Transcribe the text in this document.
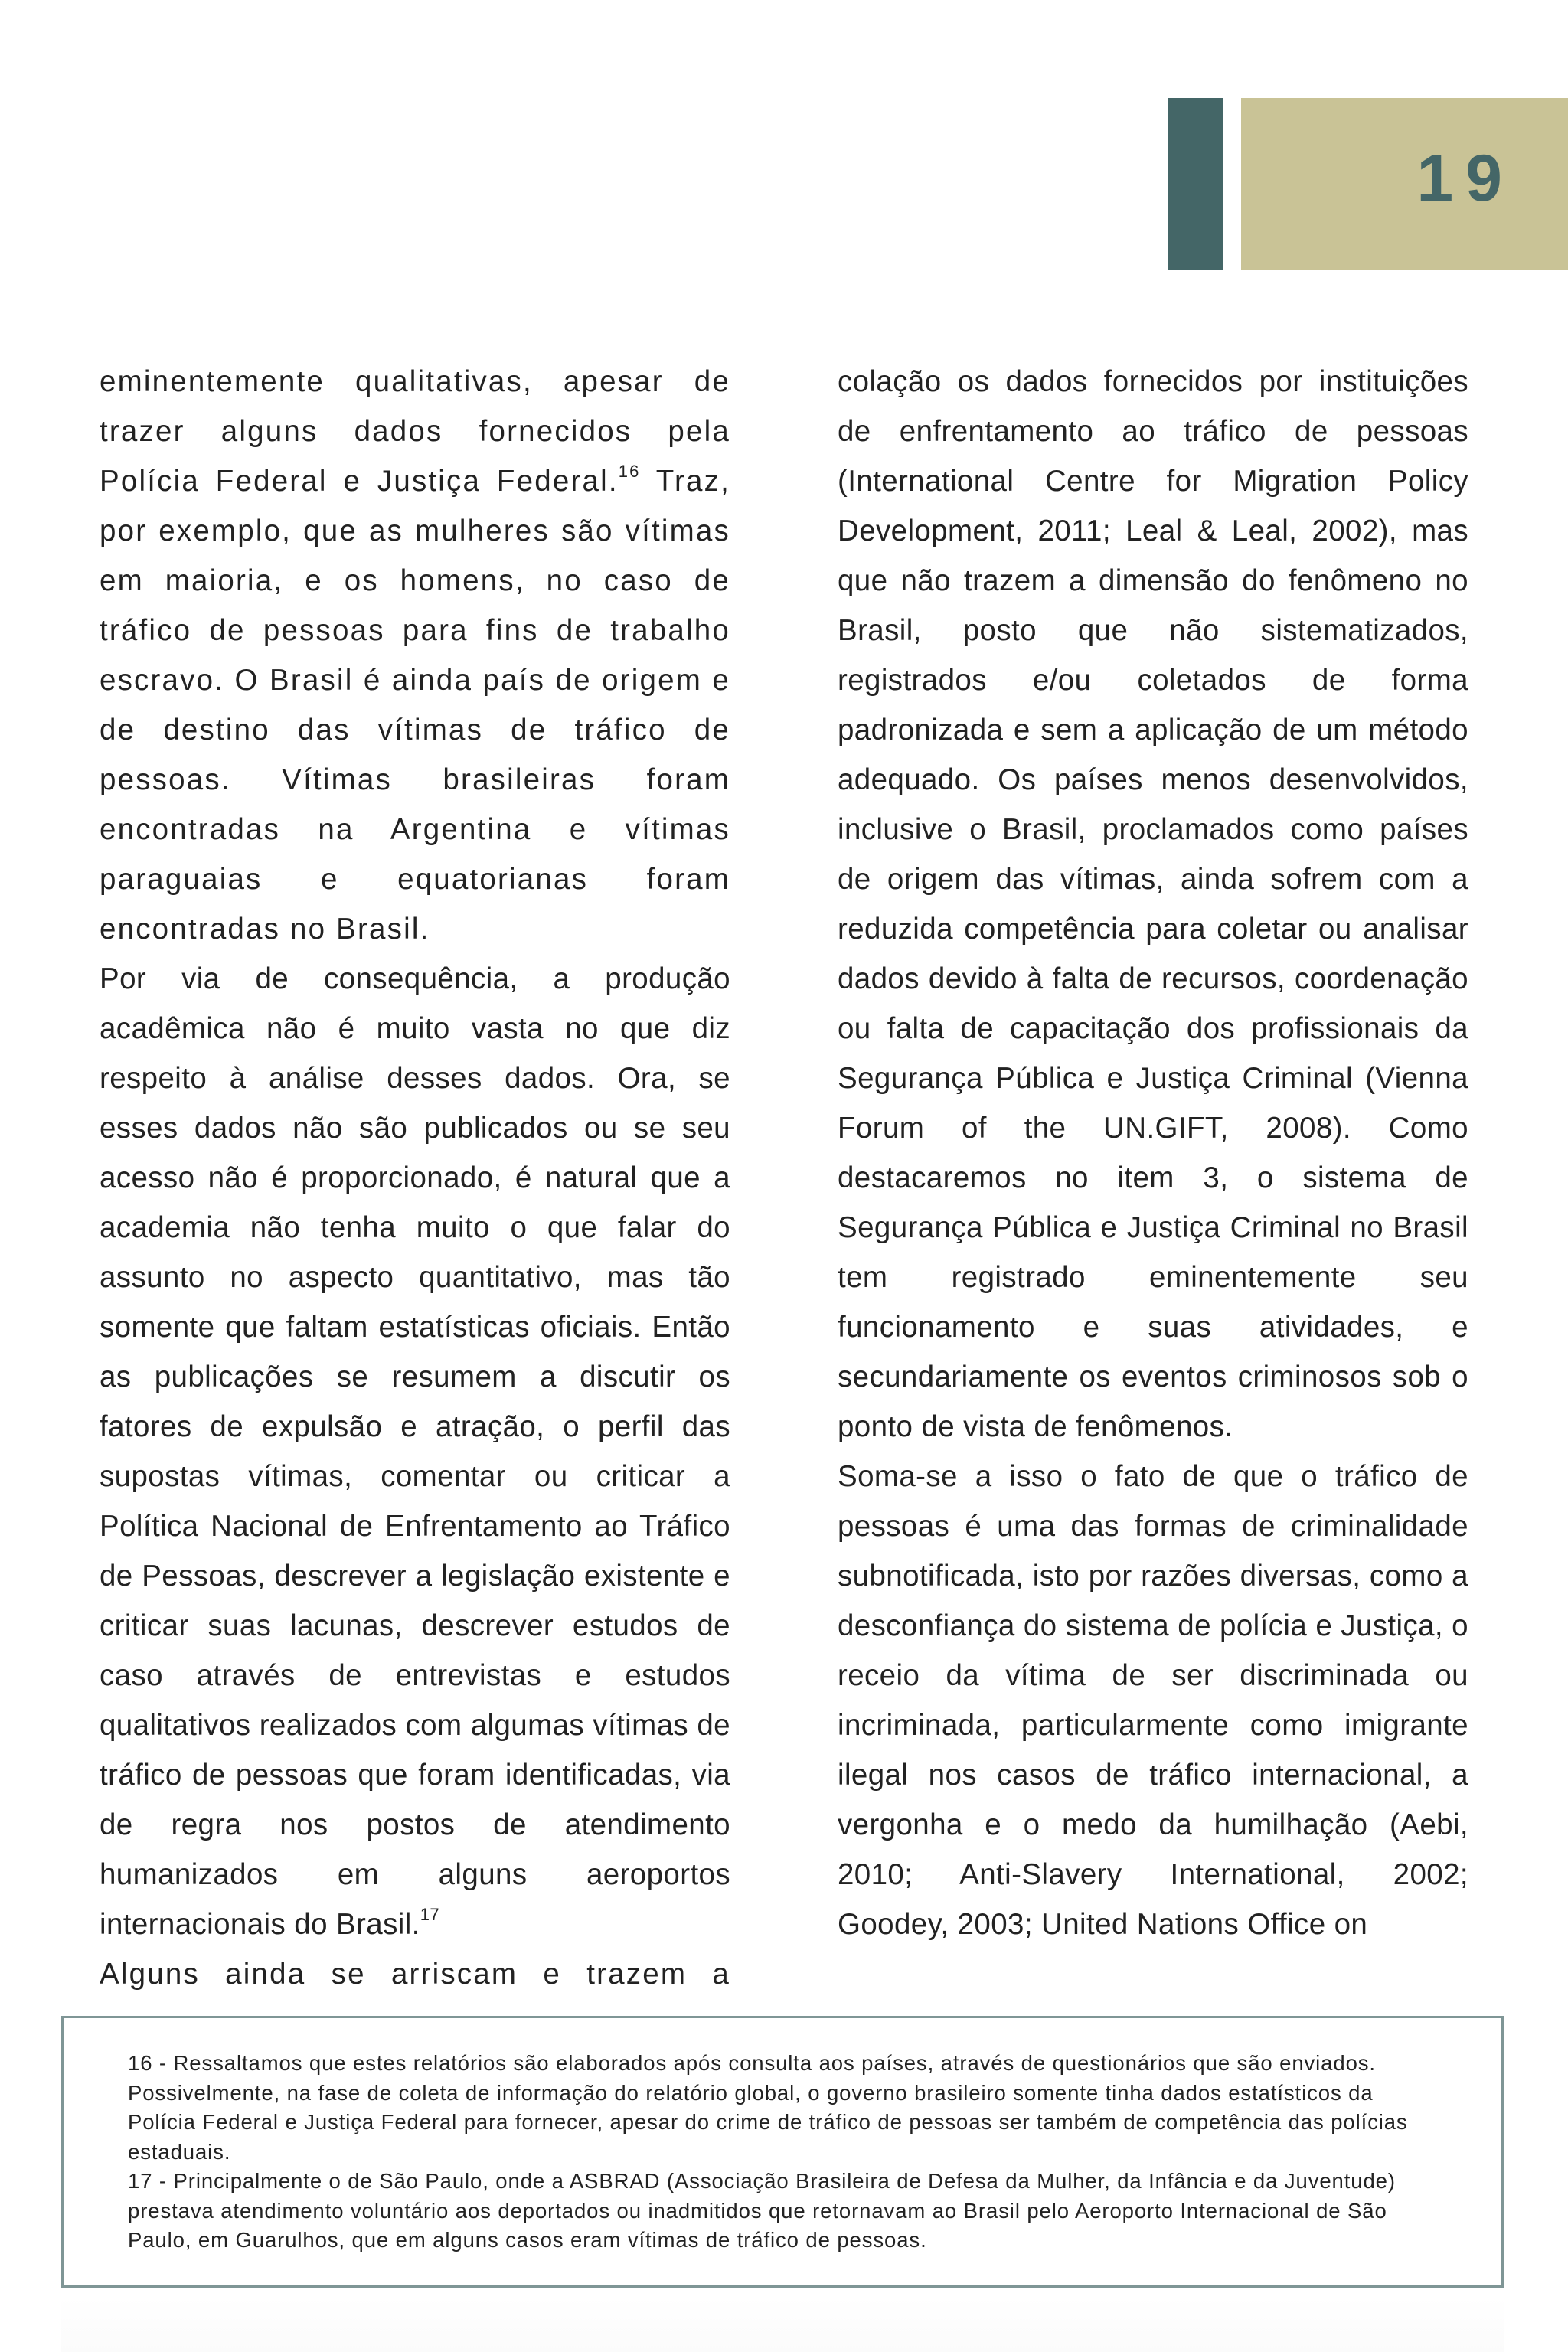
19

eminentemente qualitativas, apesar de trazer alguns dados fornecidos pela Polícia Federal e Justiça Federal.$^{16}$ Traz, por exemplo, que as mulheres são vítimas em maioria, e os homens, no caso de tráfico de pessoas para fins de trabalho escravo. O Brasil é ainda país de origem e de destino das vítimas de tráfico de pessoas. Vítimas brasileiras foram encontradas na Argentina e vítimas paraguaias e equatorianas foram encontradas no Brasil.

Por via de consequência, a produção acadêmica não é muito vasta no que diz respeito à análise desses dados. Ora, se esses dados não são publicados ou se seu acesso não é proporcionado, é natural que a academia não tenha muito o que falar do assunto no aspecto quantitativo, mas tão somente que faltam estatísticas oficiais. Então as publicações se resumem a discutir os fatores de expulsão e atração, o perfil das supostas vítimas, comentar ou criticar a Política Nacional de Enfrentamento ao Tráfico de Pessoas, descrever a legislação existente e criticar suas lacunas, descrever estudos de caso através de entrevistas e estudos qualitativos realizados com algumas vítimas de tráfico de pessoas que foram identificadas, via de regra nos postos de atendimento humanizados em alguns aeroportos internacionais do Brasil.$^{17}$

Alguns ainda se arriscam e trazem a

colação os dados fornecidos por instituições de enfrentamento ao tráfico de pessoas (International Centre for Migration Policy Development, 2011; Leal & Leal, 2002), mas que não trazem a dimensão do fenômeno no Brasil, posto que não sistematizados, registrados e/ou coletados de forma padronizada e sem a aplicação de um método adequado. Os países menos desenvolvidos, inclusive o Brasil, proclamados como países de origem das vítimas, ainda sofrem com a reduzida competência para coletar ou analisar dados devido à falta de recursos, coordenação ou falta de capacitação dos profissionais da Segurança Pública e Justiça Criminal (Vienna Forum of the UN.GIFT, 2008). Como destacaremos no item 3, o sistema de Segurança Pública e Justiça Criminal no Brasil tem registrado eminentemente seu funcionamento e suas atividades, e secundariamente os eventos criminosos sob o ponto de vista de fenômenos.

Soma-se a isso o fato de que o tráfico de pessoas é uma das formas de criminalidade subnotificada, isto por razões diversas, como a desconfiança do sistema de polícia e Justiça, o receio da vítima de ser discriminada ou incriminada, particularmente como imigrante ilegal nos casos de tráfico internacional, a vergonha e o medo da humilhação (Aebi, 2010; Anti-Slavery International, 2002; Goodey, 2003; United Nations Office on

16 - Ressaltamos que estes relatórios são elaborados após consulta aos países, através de questionários que são enviados. Possivelmente, na fase de coleta de informação do relatório global, o governo brasileiro somente tinha dados estatísticos da Polícia Federal e Justiça Federal para fornecer, apesar do crime de tráfico de pessoas ser também de competência das polícias estaduais.

17 - Principalmente o de São Paulo, onde a ASBRAD (Associação Brasileira de Defesa da Mulher, da Infância e da Juventude) prestava atendimento voluntário aos deportados ou inadmitidos que retornavam ao Brasil pelo Aeroporto Internacional de São Paulo, em Guarulhos, que em alguns casos eram vítimas de tráfico de pessoas.
